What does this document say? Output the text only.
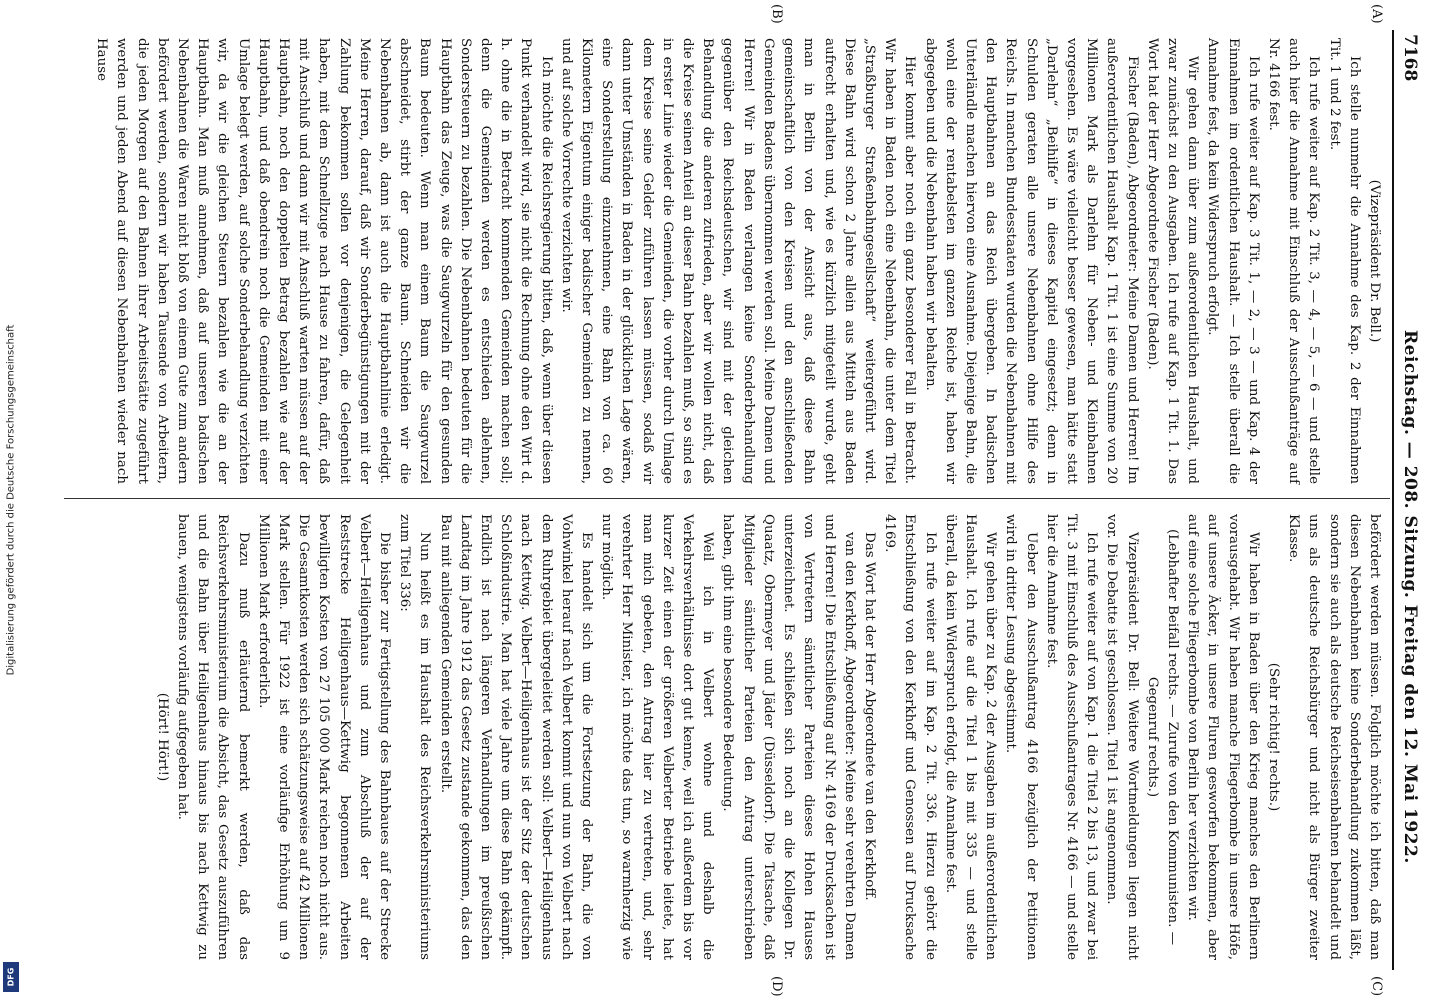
Digitalisierung gefördert durch die Deutsche Forschungsgemeinschaft
DFG
7168
Reichstag. — 208. Sitzung. Freitag den 12. Mai 1922.
(A)
(B)
(C)
(D)

(Vizepräsident Dr. Bell.)

Ich stelle nunmehr die Annahme des Kap. 2 der Einnahmen Tit. 1 und 2 fest.

Ich rufe weiter auf Kap. 2 Tit. 3, — 4, — 5, — 6 — und stelle auch hier die Annahme mit Einschluß der Ausschußanträge auf Nr. 4166 fest.

Ich rufe weiter auf Kap. 3 Tit. 1, — 2, — 3 — und Kap. 4 der Einnahmen im ordentlichen Haushalt. — Ich stelle überall die Annahme fest, da kein Widerspruch erfolgt.

Wir gehen dann über zum außerordentlichen Haushalt, und zwar zunächst zu den Ausgaben. Ich rufe auf Kap. 1 Tit. 1. Das Wort hat der Herr Abgeordnete Fischer (Baden).

Fischer (Baden), Abgeordneter: Meine Damen und Herren! Im außerordentlichen Haushalt Kap. 1 Tit. 1 ist eine Summe von 20 Millionen Mark als Darlehn für Neben- und Kleinbahnen vorgesehen. Es wäre vielleicht besser gewesen, man hätte statt „Darlehn“ „Beihilfe“ in dieses Kapitel eingesetzt; denn in Schulden geraten alle unsere Nebenbahnen ohne Hilfe des Reichs. In manchen Bundesstaaten wurden die Nebenbahnen mit den Hauptbahnen an das Reich übergeben. In badischen Unterländle machen hiervon eine Ausnahme. Diejenige Bahn, die wohl eine der rentabelsten im ganzen Reiche ist, haben wir abgegeben und die Nebenbahn haben wir behalten.

Hier kommt aber noch ein ganz besonderer Fall in Betracht. Wir haben in Baden noch eine Nebenbahn, die unter dem Titel „Straßburger Straßenbahngesellschaft“ weitergeführt wird. Diese Bahn wird schon 2 Jahre allein aus Mitteln aus Baden aufrecht erhalten und, wie es kürzlich mitgeteilt wurde, geht man in Berlin von der Ansicht aus, daß diese Bahn gemeinschaftlich von den Kreisen und den anschließenden Gemeinden Badens übernommen werden soll. Meine Damen und Herren! Wir in Baden verlangen keine Sonderbehandlung gegenüber den Reichsdeutschen, wir sind mit der gleichen Behandlung die anderen zufrieden, aber wir wollen nicht, daß die Kreise seinen Anteil an dieser Bahn bezahlen muß, so sind es in erster Linie wieder die Gemeinden, die vorher durch Umlage dem Kreise seine Gelder zuführen lassen müssen, sodaß wir dann unter Umständen in Baden in der glücklichen Lage wären, eine Sonderstellung einzunehmen, eine Bahn von ca. 60 Kilometern Eigentum einiger badischer Gemeinden zu nennen, und auf solche Vorrechte verzichten wir.

Ich möchte die Reichsregierung bitten, daß, wenn über diesen Punkt verhandelt wird, sie nicht die Rechnung ohne den Wirt d. h. ohne die in Betracht kommenden Gemeinden machen soll; denn die Gemeinden werden es entschieden ablehnen, Sondersteuern zu bezahlen. Die Nebenbahnen bedeuten für die Hauptbahn das Zeuge, was die Saugwurzeln für den gesunden Baum bedeuten. Wenn man einem Baum die Saugwurzel abschneidet, stirbt der ganze Baum. Schneiden wir die Nebenbahnen ab, dann ist auch die Hauptbahnlinie erledigt. Meine Herren, darauf, daß wir Sonderbegünstigungen mit der Zahlung bekommen sollen vor denjenigen, die Gelegenheit haben, mit dem Schnellzuge nach Hause zu fahren, dafür, daß mit Anschluß und dann wir mit Anschluß warten müssen auf der Hauptbahn, noch den doppelten Betrag bezahlen wie auf der Hauptbahn, und daß obendrein noch die Gemeinden mit einer Umlage belegt werden, auf solche Sonderbehandlung verzichten wir, da wir die gleichen Steuern bezahlen wie die an der Hauptbahn. Man muß annehmen, daß auf unseren badischen Nebenbahnen die Waren nicht bloß von einem Gute zum andern befördert werden, sondern wir haben Tausende von Arbeitern, die jeden Morgen auf den Bahnen ihrer Arbeitsstätte zugeführt werden und jeden Abend auf diesen Nebenbahnen wieder nach Hause

befördert werden müssen. Folglich möchte ich bitten, daß man diesen Nebenbahnen keine Sonderbehandlung zukommen läßt, sondern sie auch als deutsche Reichseisenbahnen behandelt und uns als deutsche Reichsbürger und nicht als Bürger zweiter Klasse.

(Sehr richtig! rechts.)

Wir haben in Baden über den Krieg manches den Berlinern vorausgehabt. Wir haben manche Fliegerbombe in unsere Höfe, auf unsere Äcker, in unsere Fluren gesworfen bekommen, aber auf eine solche Fliegerbombe von Berlin her verzichten wir.

(Lebhafter Beifall rechts. — Zurufe von den Kommunisten. — Gegenruf rechts.)

Vizepräsident Dr. Bell: Weitere Wortmeldungen liegen nicht vor. Die Debatte ist geschlossen. Titel 1 ist angenommen.

Ich rufe weiter auf von Kap. 1 die Titel 2 bis 13, und zwar bei Tit. 3 mit Einschluß des Ausschußantrages Nr. 4166 — und stelle hier die Annahme fest.

Ueber den Ausschußantrag 4166 bezüglich der Petitionen wird in dritter Lesung abgestimmt.

Wir gehen über zu Kap. 2 der Ausgaben im außerordentlichen Haushalt. Ich rufe auf die Titel 1 bis mit 335 — und stelle überall, da kein Widerspruch erfolgt, die Annahme fest.

Ich rufe weiter auf im Kap. 2 Tit. 336. Hierzu gehört die Entschließung von den Kerkhoff und Genossen auf Drucksache 4169.

Das Wort hat der Herr Abgeordnete van den Kerkhoff.

van den Kerkhoff, Abgeordneter: Meine sehr verehrten Damen und Herren! Die Entschließung auf Nr. 4169 der Drucksachen ist von Vertretern sämtlicher Parteien dieses Hohen Hauses unterzeichnet. Es schließen sich noch an die Kollegen Dr. Quaatz, Obermeyer und Jäder (Düsseldorf). Die Tatsache, daß Mitglieder sämtlicher Parteien den Antrag unterschrieben haben, gibt ihm eine besondere Bedeutung.

Weil ich in Velbert wohne und deshalb die Verkehrsverhältnisse dort gut kenne, weil ich außerdem bis vor kurzer Zeit einen der größeren Velberter Betriebe leitete, hat man mich gebeten, den Antrag hier zu vertreten, und, sehr verehrter Herr Minister, ich möchte das tun, so warmherzig wie nur möglich.

Es handelt sich um die Fortsetzung der Bahn, die von Vohwinkel herauf nach Velbert kommt und nun von Velbert nach dem Ruhrgebiet übergeleitet werden soll: Velbert—Heiligenhaus nach Kettwig. Velbert—Heiligenhaus ist der Sitz der deutschen Schloßindustrie. Man hat viele Jahre um diese Bahn gekämpft. Endlich ist nach längeren Verhandlungen im preußischen Landtag im Jahre 1912 das Gesetz zustande gekommen, das den Bau mit anliegenden Gemeinden erstellt.

Nun heißt es im Haushalt des Reichsverkehrsministeriums zum Titel 336:

Die bisher zur Fertigstellung des Bahnbaues auf der Strecke Velbert—Heiligenhaus und zum Abschluß der auf der Reststrecke Heiligenhaus—Kettwig begonnenen Arbeiten bewilligten Kosten von 27 105 000 Mark reichen noch nicht aus. Die Gesamtkosten werden sich schätzungsweise auf 42 Millionen Mark stellen. Für 1922 ist eine vorläufige Erhöhung um 9 Millionen Mark erforderlich.

Dazu muß erläuternd bemerkt werden, daß das Reichsverkehrsministerium die Absicht, das Gesetz auszuführen und die Bahn über Heiligenhaus hinaus bis nach Kettwig zu bauen, wenigstens vorläufig aufgegeben hat.

(Hört! Hört!)
